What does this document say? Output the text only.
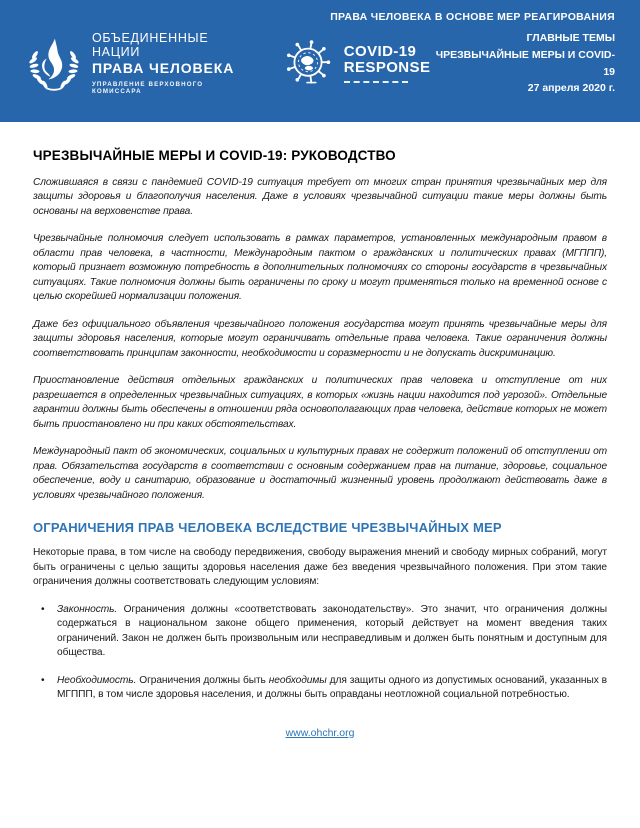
ПРАВА ЧЕЛОВЕКА В ОСНОВЕ МЕР РЕАГИРОВАНИЯ
ОБЪЕДИНЕННЫЕ НАЦИИ
ПРАВА ЧЕЛОВЕКА
УПРАВЛЕНИЕ ВЕРХОВНОГО КОМИССАРА
COVID-19
RESPONSE
ГЛАВНЫЕ ТЕМЫ
ЧРЕЗВЫЧАЙНЫЕ МЕРЫ И COVID-19
27 апреля 2020 г.
ЧРЕЗВЫЧАЙНЫЕ МЕРЫ И COVID-19: РУКОВОДСТВО

Сложившаяся в связи с пандемией COVID-19 ситуация требует от многих стран принятия чрезвычайных мер для защиты здоровья и благополучия населения. Даже в условиях чрезвычайной ситуации такие меры должны быть основаны на верховенстве права.

Чрезвычайные полномочия следует использовать в рамках параметров, установленных международным правом в области прав человека, в частности, Международным пактом о гражданских и политических правах (МГППП), который признает возможную потребность в дополнительных полномочиях со стороны государств в чрезвычайных ситуациях. Такие полномочия должны быть ограничены по сроку и могут применяться только на временной основе с целью скорейшей нормализации положения.

Даже без официального объявления чрезвычайного положения государства могут принять чрезвычайные меры для защиты здоровья населения, которые могут ограничивать отдельные права человека. Такие ограничения должны соответствовать принципам законности, необходимости и соразмерности и не допускать дискриминацию.

Приостановление действия отдельных гражданских и политических прав человека и отступление от них разрешается в определенных чрезвычайных ситуациях, в которых «жизнь нации находится под угрозой». Отдельные гарантии должны быть обеспечены в отношении ряда основополагающих прав человека, действие которых не может быть приостановлено ни при каких обстоятельствах.

Международный пакт об экономических, социальных и культурных правах не содержит положений об отступлении от прав. Обязательства государств в соответствии с основным содержанием прав на питание, здоровье, социальное обеспечение, воду и санитарию, образование и достаточный жизненный уровень продолжают действовать даже в условиях чрезвычайного положения.

ОГРАНИЧЕНИЯ ПРАВ ЧЕЛОВЕКА ВСЛЕДСТВИЕ ЧРЕЗВЫЧАЙНЫХ МЕР

Некоторые права, в том числе на свободу передвижения, свободу выражения мнений и свободу мирных собраний, могут быть ограничены с целью защиты здоровья населения даже без введения чрезвычайного положения. При этом такие ограничения должны соответствовать следующим условиям:

•	Законность. Ограничения должны «соответствовать законодательству». Это значит, что ограничения должны содержаться в национальном законе общего применения, который действует на момент введения таких ограничений. Закон не должен быть произвольным или несправедливым и должен быть понятным и доступным для общества.
•	Необходимость. Ограничения должны быть необходимы для защиты одного из допустимых оснований, указанных в МГППП, в том числе здоровья населения, и должны быть оправданы неотложной социальной потребностью.
www.ohchr.org
